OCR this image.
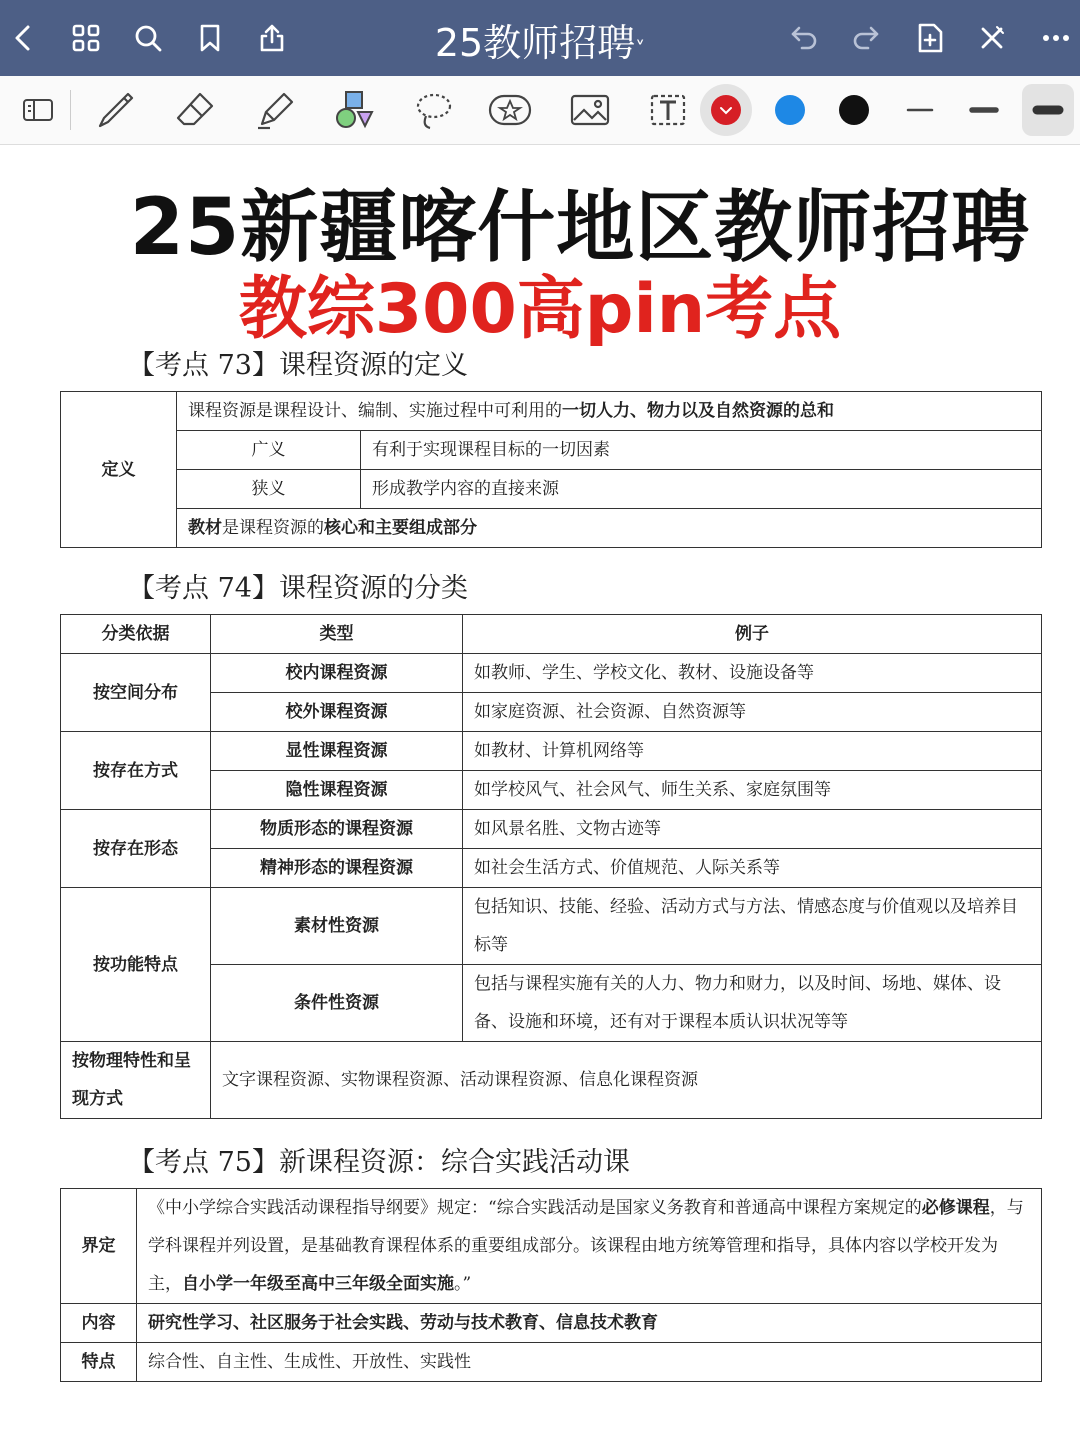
25教师招聘˅
25新疆喀什地区教师招聘
教综300高pin考点
【考点 73】课程资源的定义
定义	课程资源是课程设计、编制、实施过程中可利用的一切人力、物力以及自然资源的总和	
	广义	有利于实现课程目标的一切因素
	狭义	形成教学内容的直接来源
	教材是课程资源的核心和主要组成部分	
【考点 74】课程资源的分类
分类依据	类型	例子
按空间分布	校内课程资源	如教师、学生、学校文化、教材、设施设备等
	校外课程资源	如家庭资源、社会资源、自然资源等
按存在方式	显性课程资源	如教材、计算机网络等
	隐性课程资源	如学校风气、社会风气、师生关系、家庭氛围等
按存在形态	物质形态的课程资源	如风景名胜、文物古迹等
	精神形态的课程资源	如社会生活方式、价值规范、人际关系等
按功能特点	素材性资源	包括知识、技能、经验、活动方式与方法、情感态度与价值观以及培养目标等
	条件性资源	包括与课程实施有关的人力、物力和财力，以及时间、场地、媒体、设备、设施和环境，还有对于课程本质认识状况等等
按物理特性和呈现方式	文字课程资源、实物课程资源、活动课程资源、信息化课程资源	
【考点 75】新课程资源：综合实践活动课
界定	《中小学综合实践活动课程指导纲要》规定：“综合实践活动是国家义务教育和普通高中课程方案规定的必修课程，与学科课程并列设置，是基础教育课程体系的重要组成部分。该课程由地方统筹管理和指导，具体内容以学校开发为主，自小学一年级至高中三年级全面实施。”
内容	研究性学习、社区服务于社会实践、劳动与技术教育、信息技术教育
特点	综合性、自主性、生成性、开放性、实践性
